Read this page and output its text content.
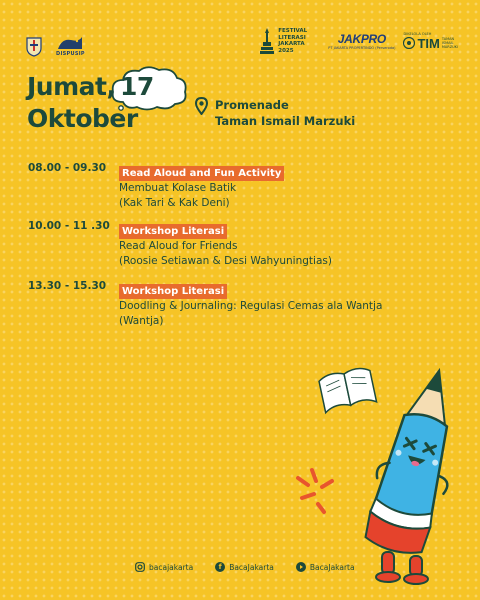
DISPUSIP
FESTIVAL
LITERASI
JAKARTA
2025
JAKPRO
PT JAKARTA PROPERTINDO (Perseroda)
DIKELOLA OLEH
TIM TAMAN
ISMAIL
MARZUKI
Jumat, 17
Oktober	Promenade
Taman Ismail Marzuki
08.00 - 09.30	Read Aloud and Fun Activity
Membuat Kolase Batik
(Kak Tari & Kak Deni)
10.00 - 11 .30	Workshop Literasi
Read Aloud for Friends
(Roosie Setiawan & Desi Wahyuningtias)
13.30 - 15.30	Workshop Literasi
Doodling & Journaling: Regulasi Cemas ala Wantja
(Wantja)
bacajakarta	f BacaJakarta	BacaJakarta
